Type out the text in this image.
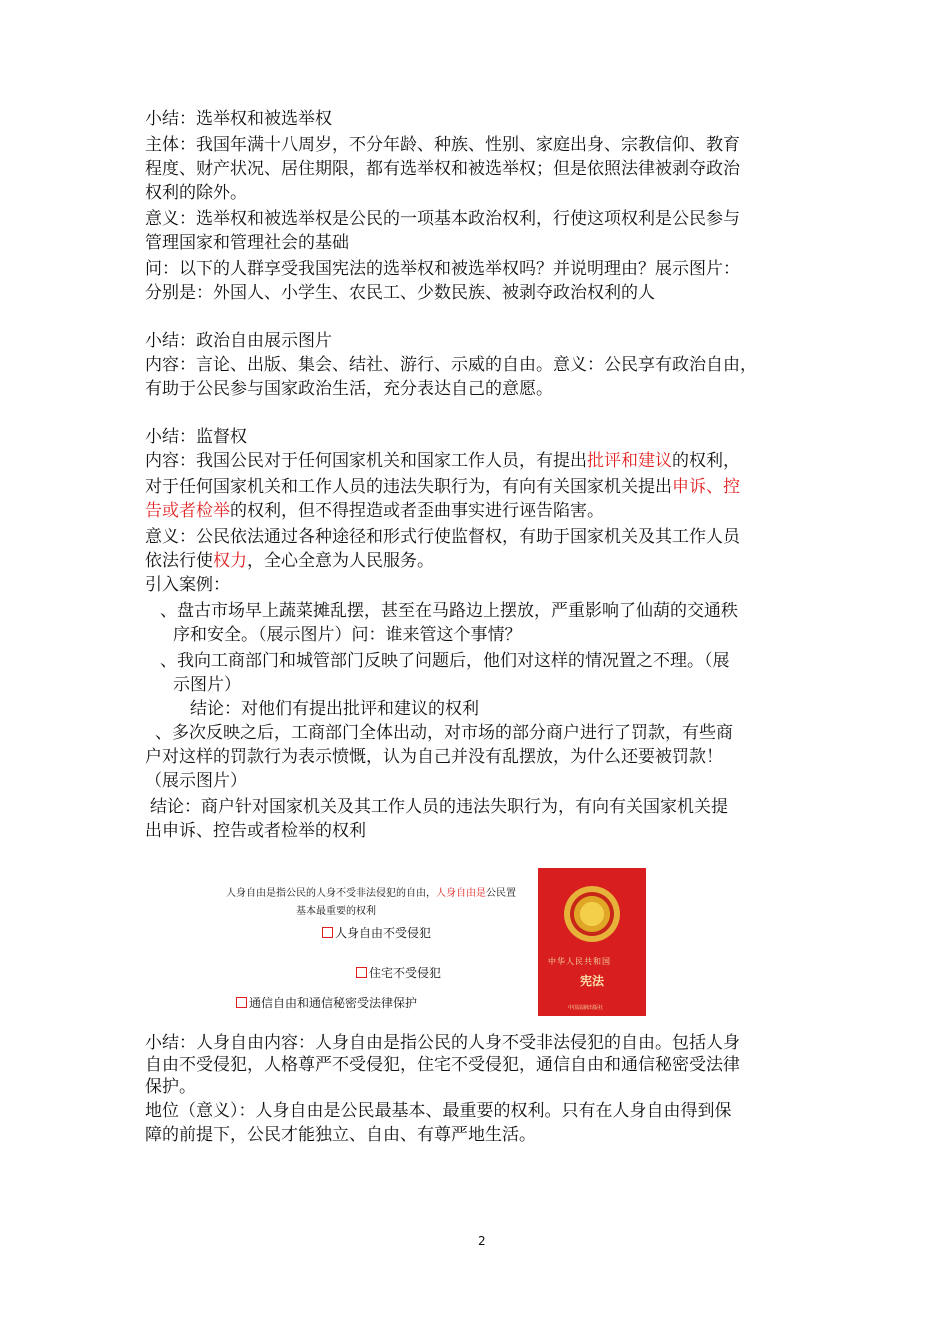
小结：选举权和被选举权
主体：我国年满十八周岁，不分年龄、种族、性别、家庭出身、宗教信仰、教育
程度、财产状况、居住期限，都有选举权和被选举权；但是依照法律被剥夺政治
权利的除外。
意义：选举权和被选举权是公民的一项基本政治权利，行使这项权利是公民参与
管理国家和管理社会的基础
问：以下的人群享受我国宪法的选举权和被选举权吗？并说明理由？展示图片：
分别是：外国人、小学生、农民工、少数民族、被剥夺政治权利的人
小结：政治自由展示图片
内容：言论、出版、集会、结社、游行、示威的自由。意义：公民享有政治自由，
有助于公民参与国家政治生活，充分表达自己的意愿。
小结：监督权
内容：我国公民对于任何国家机关和国家工作人员，有提出批评和建议的权利，
对于任何国家机关和工作人员的违法失职行为，有向有关国家机关提出申诉、控
告或者检举的权利，但不得捏造或者歪曲事实进行诬告陷害。
意义：公民依法通过各种途径和形式行使监督权，有助于国家机关及其工作人员
依法行使权力，全心全意为人民服务。
引入案例：
、盘古市场早上蔬菜摊乱摆，甚至在马路边上摆放，严重影响了仙葫的交通秩
序和安全。（展示图片）问：谁来管这个事情？
、我向工商部门和城管部门反映了问题后，他们对这样的情况置之不理。（展
示图片）
结论：对他们有提出批评和建议的权利
、多次反映之后，工商部门全体出动，对市场的部分商户进行了罚款，有些商
户对这样的罚款行为表示愤慨，认为自己并没有乱摆放，为什么还要被罚款！
（展示图片）
结论：商户针对国家机关及其工作人员的违法失职行为，有向有关国家机关提
出申诉、控告或者检举的权利
人身自由是指公民的人身不受非法侵犯的自由，人身自由是公民置
基本最重要的权利
人身自由不受侵犯
住宅不受侵犯
通信自由和通信秘密受法律保护
中华人民共和国
宪法
中国法制出版社
小结：人身自由内容：人身自由是指公民的人身不受非法侵犯的自由。包括人身
自由不受侵犯，人格尊严不受侵犯，住宅不受侵犯，通信自由和通信秘密受法律
保护。
地位（意义）：人身自由是公民最基本、最重要的权利。只有在人身自由得到保
障的前提下，公民才能独立、自由、有尊严地生活。
2
